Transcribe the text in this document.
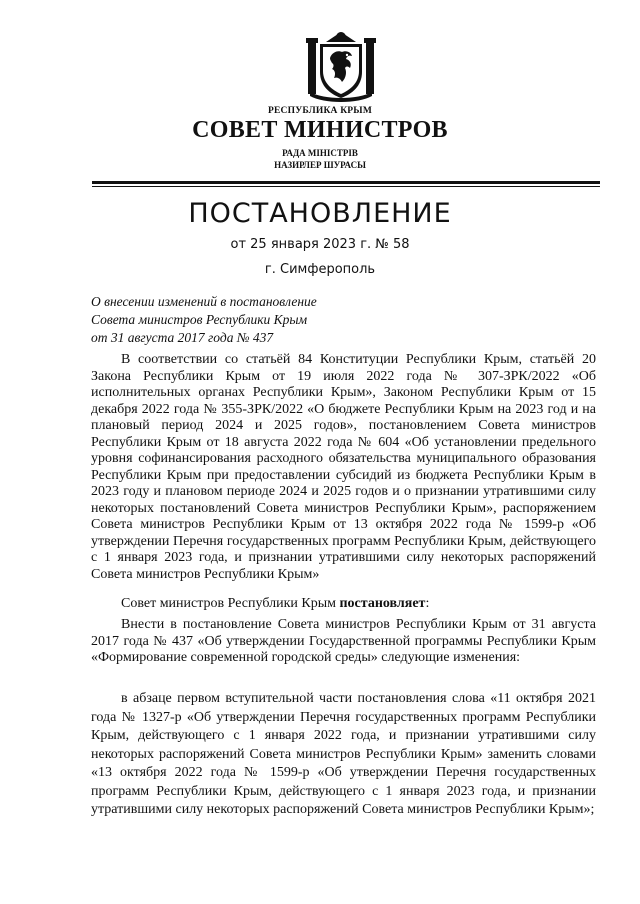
РЕСПУБЛИКА КРЫМ
СОВЕТ МИНИСТРОВ
РАДА МІНІСТРІВ
НАЗИРЛЕР ШУРАСЫ
ПОСТАНОВЛЕНИЕ
от 25 января 2023 г. № 58
г. Симферополь
О внесении изменений в постановление
Совета министров Республики Крым
от 31 августа 2017 года № 437

В соответствии со статьёй 84 Конституции Республики Крым, статьёй 20 Закона Республики Крым от 19 июля 2022 года № 307-ЗРК/2022 «Об исполнительных органах Республики Крым», Законом Республики Крым от 15 декабря 2022 года № 355-ЗРК/2022 «О бюджете Республики Крым на 2023 год и на плановый период 2024 и 2025 годов», постановлением Совета министров Республики Крым от 18 августа 2022 года № 604 «Об установлении предельного уровня софинансирования расходного обязательства муниципального образования Республики Крым при предоставлении субсидий из бюджета Республики Крым в 2023 году и плановом периоде 2024 и 2025 годов и о признании утратившими силу некоторых постановлений Совета министров Республики Крым», распоряжением Совета министров Республики Крым от 13 октября 2022 года № 1599-р «Об утверждении Перечня государственных программ Республики Крым, действующего с 1 января 2023 года, и признании утратившими силу некоторых распоряжений Совета министров Республики Крым»

Совет министров Республики Крым постановляет:

Внести в постановление Совета министров Республики Крым от 31 августа 2017 года № 437 «Об утверждении Государственной программы Республики Крым «Формирование современной городской среды» следующие изменения:

в абзаце первом вступительной части постановления слова «11 октября 2021 года № 1327-р «Об утверждении Перечня государственных программ Республики Крым, действующего с 1 января 2022 года, и признании утратившими силу некоторых распоряжений Совета министров Республики Крым» заменить словами «13 октября 2022 года № 1599-р «Об утверждении Перечня государственных программ Республики Крым, действующего с 1 января 2023 года, и признании утратившими силу некоторых распоряжений Совета министров Республики Крым»;
